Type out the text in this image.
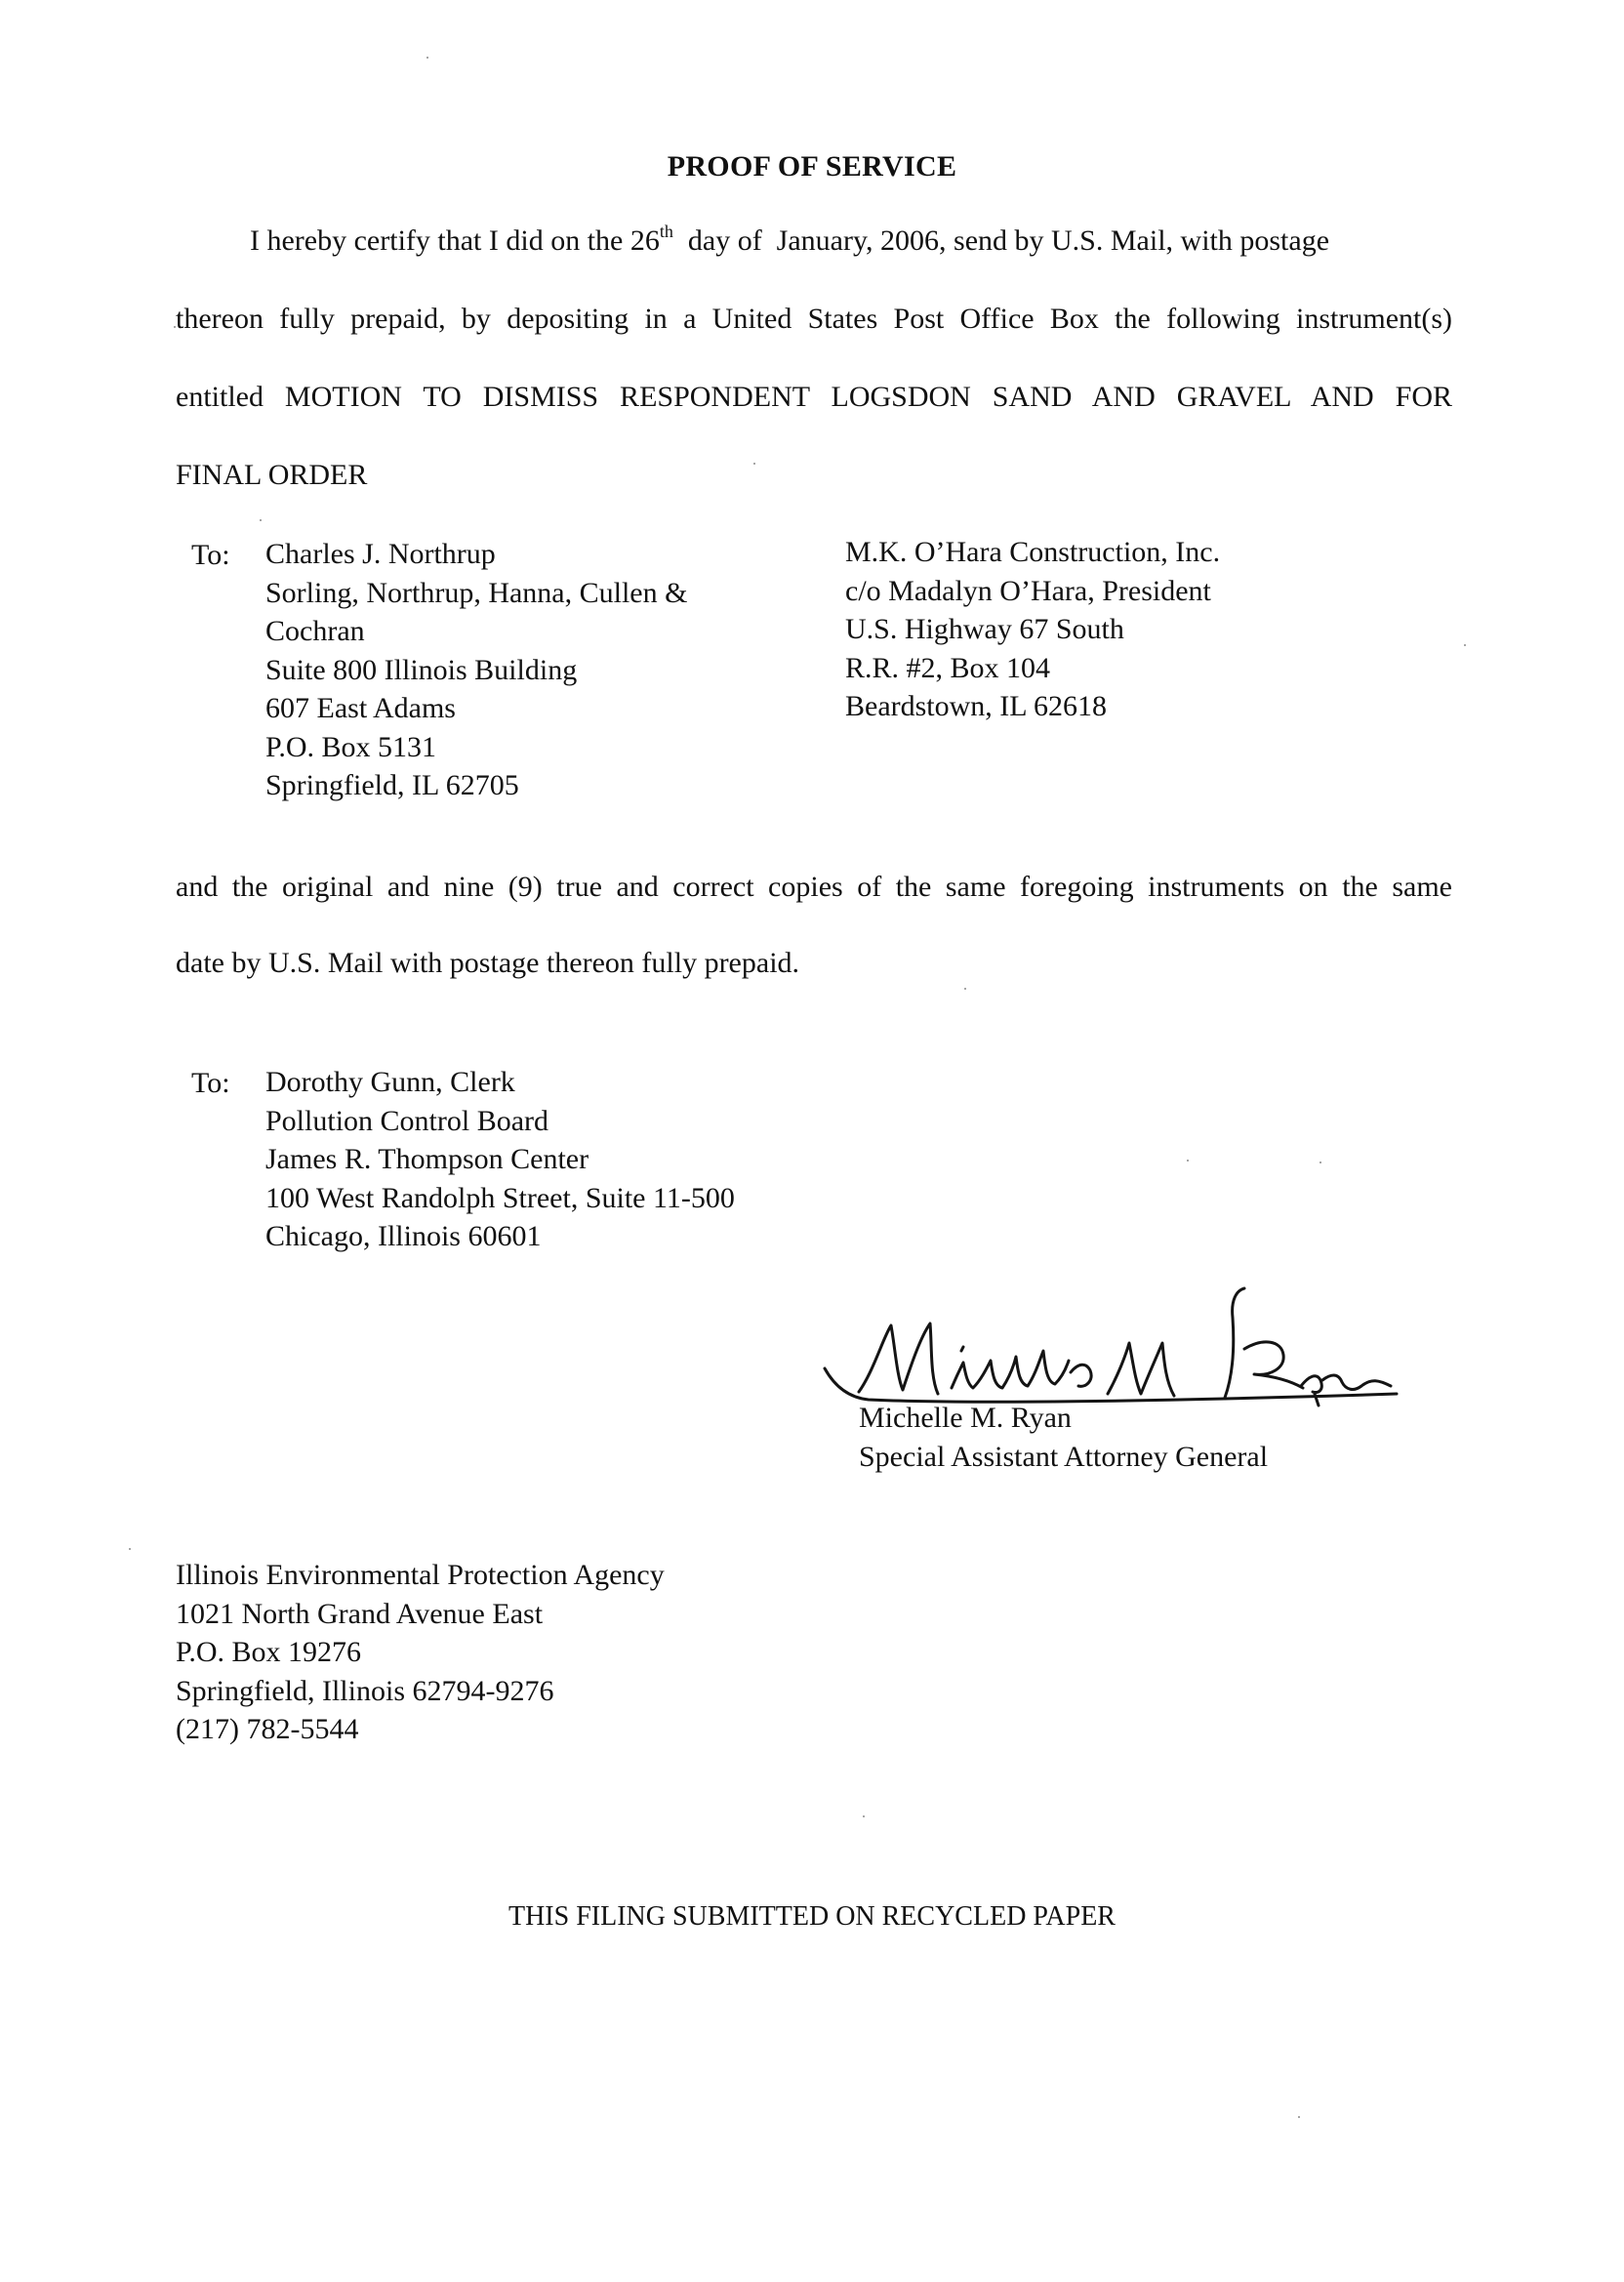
PROOF OF SERVICE
I hereby certify that I did on the 26th  day of  January, 2006, send by U.S. Mail, with postage
thereon fully prepaid, by depositing in a United States Post Office Box the following instrument(s)
entitled MOTION TO DISMISS RESPONDENT LOGSDON SAND AND GRAVEL AND FOR
FINAL ORDER
To: Charles J. Northrup
Sorling, Northrup, Hanna, Cullen &
Cochran
Suite 800 Illinois Building
607 East Adams
P.O. Box 5131
Springfield, IL 62705
M.K. O’Hara Construction, Inc.
c/o Madalyn O’Hara, President
U.S. Highway 67 South
R.R. #2, Box 104
Beardstown, IL 62618
and the original and nine (9) true and correct copies of the same foregoing instruments on the same
date by U.S. Mail with postage thereon fully prepaid.
To: Dorothy Gunn, Clerk
Pollution Control Board
James R. Thompson Center
100 West Randolph Street, Suite 11-500
Chicago, Illinois 60601
Michelle M. Ryan
Special Assistant Attorney General
Illinois Environmental Protection Agency
1021 North Grand Avenue East
P.O. Box 19276
Springfield, Illinois 62794-9276
(217) 782-5544
THIS FILING SUBMITTED ON RECYCLED PAPER
